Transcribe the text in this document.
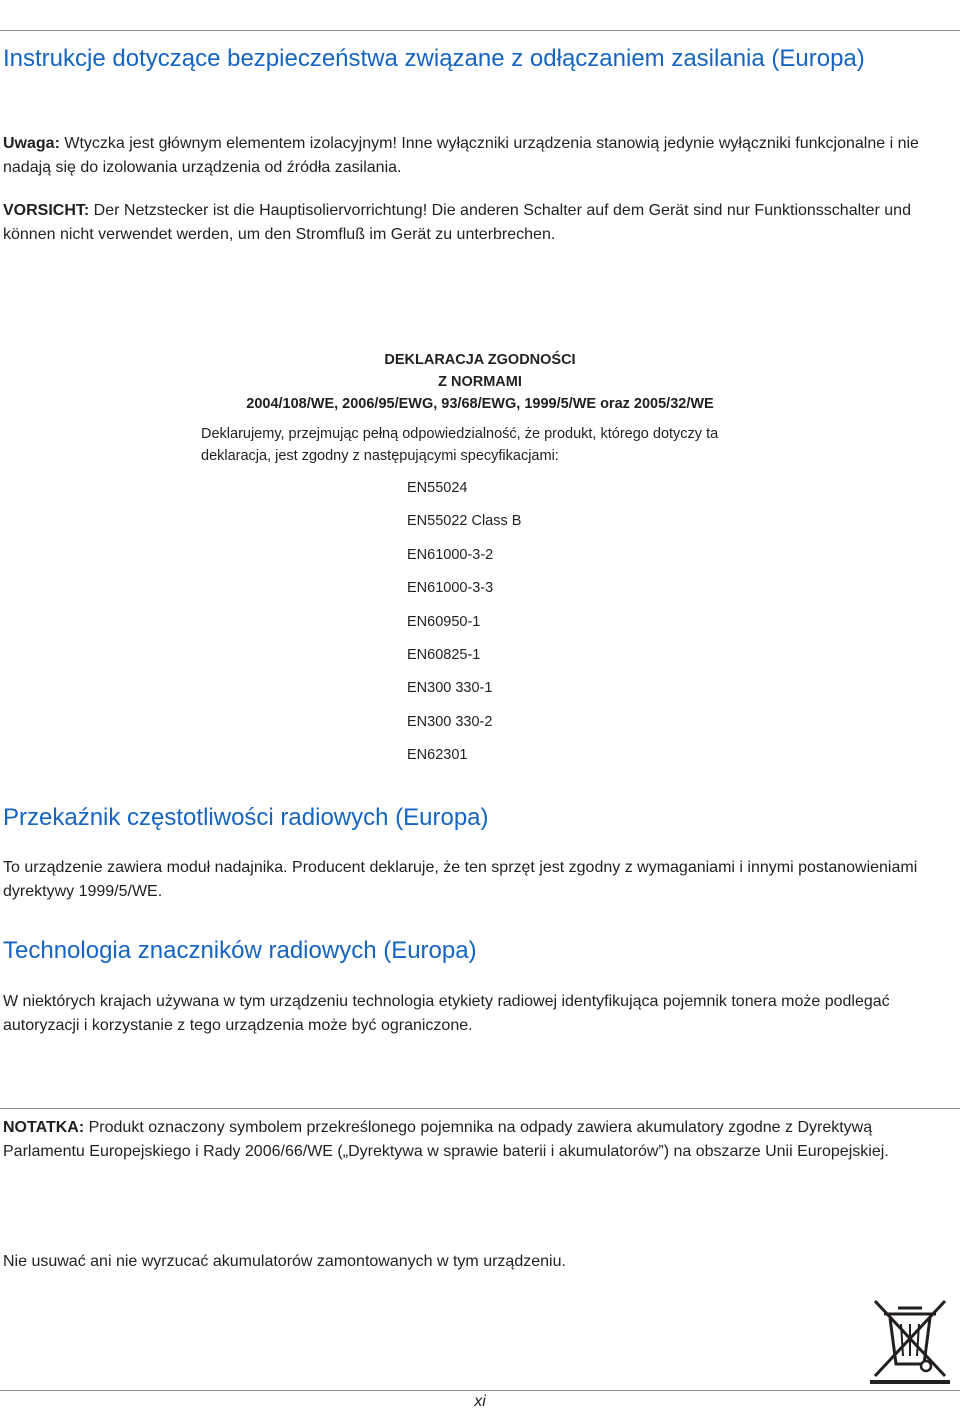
Instrukcje dotyczące bezpieczeństwa związane z odłączaniem zasilania (Europa)
Uwaga: Wtyczka jest głównym elementem izolacyjnym! Inne wyłączniki urządzenia stanowią jedynie wyłączniki funkcjonalne i nie nadają się do izolowania urządzenia od źródła zasilania.
VORSICHT: Der Netzstecker ist die Hauptisoliervorrichtung! Die anderen Schalter auf dem Gerät sind nur Funktionsschalter und können nicht verwendet werden, um den Stromfluß im Gerät zu unterbrechen.
DEKLARACJA ZGODNOŚCI
Z NORMAMI
2004/108/WE, 2006/95/EWG, 93/68/EWG, 1999/5/WE oraz 2005/32/WE
Deklarujemy, przejmując pełną odpowiedzialność, że produkt, którego dotyczy ta deklaracja, jest zgodny z następującymi specyfikacjami:
EN55024
EN55022 Class B
EN61000-3-2
EN61000-3-3
EN60950-1
EN60825-1
EN300 330-1
EN300 330-2
EN62301
Przekaźnik częstotliwości radiowych (Europa)
To urządzenie zawiera moduł nadajnika. Producent deklaruje, że ten sprzęt jest zgodny z wymaganiami i innymi postanowieniami dyrektywy 1999/5/WE.
Technologia znaczników radiowych (Europa)
W niektórych krajach używana w tym urządzeniu technologia etykiety radiowej identyfikująca pojemnik tonera może podlegać autoryzacji i korzystanie z tego urządzenia może być ograniczone.
NOTATKA: Produkt oznaczony symbolem przekreślonego pojemnika na odpady zawiera akumulatory zgodne z Dyrektywą Parlamentu Europejskiego i Rady 2006/66/WE („Dyrektywa w sprawie baterii i akumulatorów”) na obszarze Unii Europejskiej.
Nie usuwać ani nie wyrzucać akumulatorów zamontowanych w tym urządzeniu.
xi
